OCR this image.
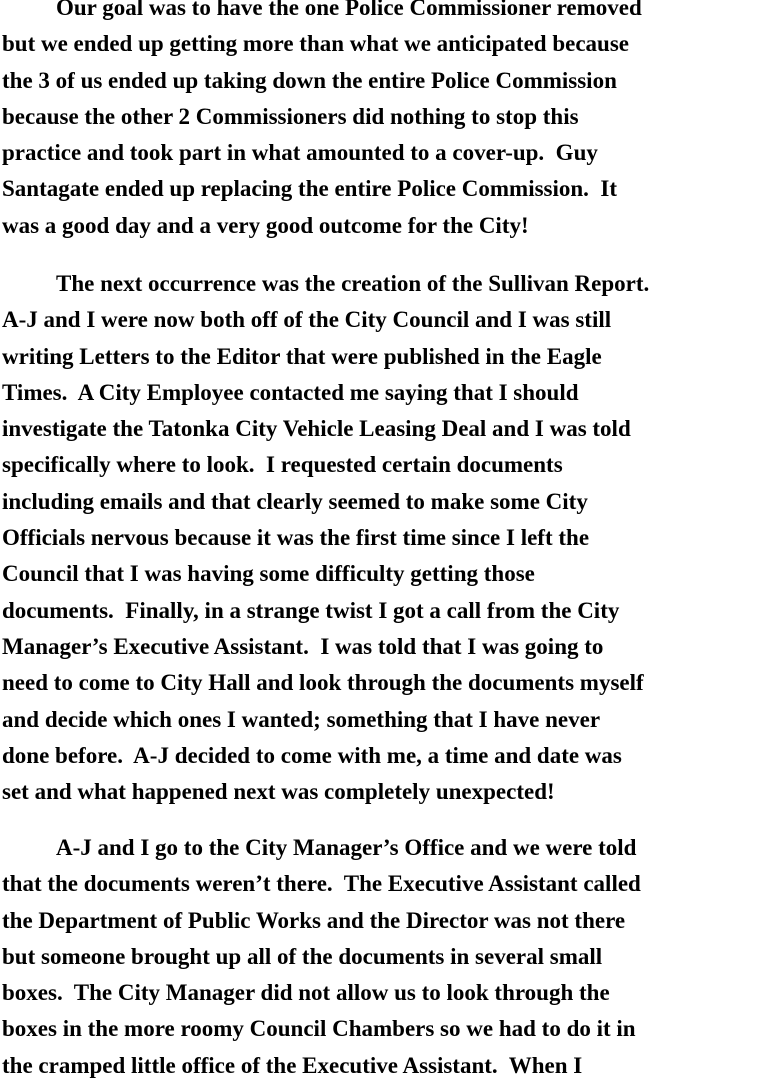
Our goal was to have the one Police Commissioner removed
but we ended up getting more than what we anticipated because
the 3 of us ended up taking down the entire Police Commission
because the other 2 Commissioners did nothing to stop this
practice and took part in what amounted to a cover-up.  Guy
Santagate ended up replacing the entire Police Commission.  It
was a good day and a very good outcome for the City!
The next occurrence was the creation of the Sullivan Report.
A-J and I were now both off of the City Council and I was still
writing Letters to the Editor that were published in the Eagle
Times.  A City Employee contacted me saying that I should
investigate the Tatonka City Vehicle Leasing Deal and I was told
specifically where to look.  I requested certain documents
including emails and that clearly seemed to make some City
Officials nervous because it was the first time since I left the
Council that I was having some difficulty getting those
documents.  Finally, in a strange twist I got a call from the City
Manager’s Executive Assistant.  I was told that I was going to
need to come to City Hall and look through the documents myself
and decide which ones I wanted; something that I have never
done before.  A-J decided to come with me, a time and date was
set and what happened next was completely unexpected!
A-J and I go to the City Manager’s Office and we were told
that the documents weren’t there.  The Executive Assistant called
the Department of Public Works and the Director was not there
but someone brought up all of the documents in several small
boxes.  The City Manager did not allow us to look through the
boxes in the more roomy Council Chambers so we had to do it in
the cramped little office of the Executive Assistant.  When I
